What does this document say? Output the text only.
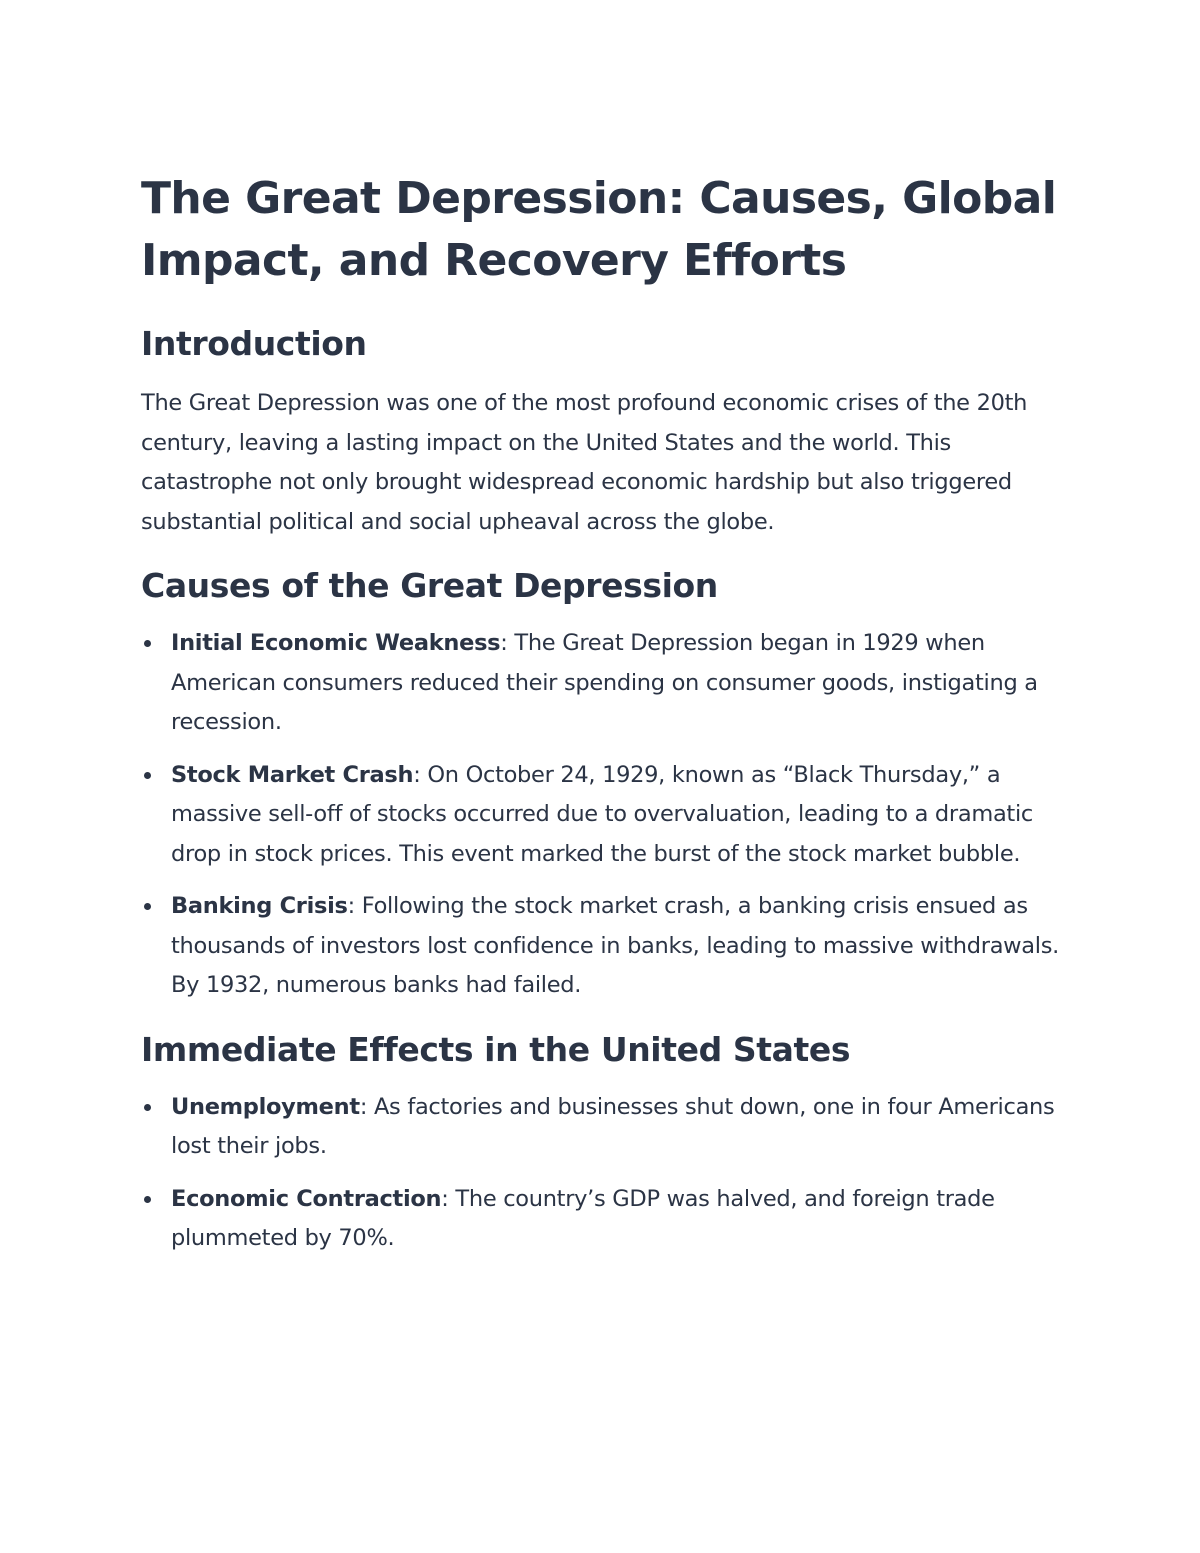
The Great Depression: Causes, Global Impact, and Recovery Efforts
Introduction

The Great Depression was one of the most profound economic crises of the 20th century, leaving a lasting impact on the United States and the world. This catastrophe not only brought widespread economic hardship but also triggered substantial political and social upheaval across the globe.

Causes of the Great Depression
Initial Economic Weakness: The Great Depression began in 1929 when American consumers reduced their spending on consumer goods, instigating a recession.
Stock Market Crash: On October 24, 1929, known as “Black Thursday,” a massive sell-off of stocks occurred due to overvaluation, leading to a dramatic drop in stock prices. This event marked the burst of the stock market bubble.
Banking Crisis: Following the stock market crash, a banking crisis ensued as thousands of investors lost confidence in banks, leading to massive withdrawals. By 1932, numerous banks had failed.
Immediate Effects in the United States
Unemployment: As factories and businesses shut down, one in four Americans lost their jobs.
Economic Contraction: The country’s GDP was halved, and foreign trade plummeted by 70%.
